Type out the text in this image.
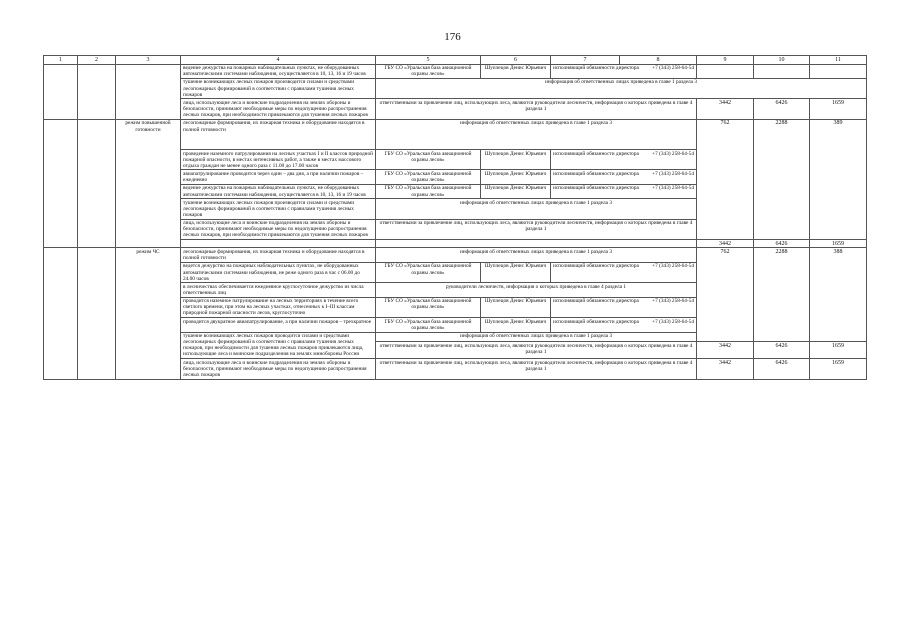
176
1	2	3	4	5	6	7	8	9	10	11
			ведение дежурства на пожарных наблюдательных пунктах, не оборудованных автоматическими системами наблюдения, осуществляется в 10, 13, 16 и 19 часов	ГБУ СО «Уральская база авиационной охраны лесов»	Шуплецов Денис Юрьевич	исполняющий обязанности директора +7 (343) 258-64-54				

			тушение возникающих лесных пожаров производится силами и средствами лесопожарных формирований в соответствии с правилами тушения лесных пожаров	информация об ответственных лицах приведена в главе 1 раздела 3						
			лица, использующие леса и воинские подразделения на землях обороны и безопасности, принимают необходимые меры по недопущению распространения лесных пожаров, при необходимости привлекаются для тушения лесных пожаров	ответственными за привлечение лиц, использующих леса, являются руководители лесничеств, информация о которых приведена в главе 4 раздела 1				3442	6426	1659
		режим повышенной готовности	лесопожарные формирования, их пожарная техника и оборудование находятся в полной готовности	информация об ответственных лицах приведена в главе 1 раздела 3				762	2288	389
			проведение наземного патрулирования на лесных участках I и II классов природной пожарной опасности, в местах интенсивных работ, а также в местах массового отдыха граждан не менее одного раза с 11.00 до 17.00 часов	ГБУ СО «Уральская база авиационной охраны лесов»	Шуплецов Денис Юрьевич	исполняющий обязанности директора +7 (343) 258-64-54				

			авиапатрулирование проводится через один – два дня, а при наличии пожаров – ежедневно	ГБУ СО «Уральская база авиационной охраны лесов»	Шуплецов Денис Юрьевич	исполняющий обязанности директора +7 (343) 258-64-54				

			ведение дежурства на пожарных наблюдательных пунктах, не оборудованных автоматическими системами наблюдения, осуществляется в 10, 13, 16 и 19 часов	ГБУ СО «Уральская база авиационной охраны лесов»	Шуплецов Денис Юрьевич	исполняющий обязанности директора +7 (343) 258-64-54				

			тушение возникающих лесных пожаров производится силами и средствами лесопожарных формирований в соответствии с правилами тушения лесных пожаров	информация об ответственных лицах приведена в главе 1 раздела 3						
			лица, использующие леса и воинские подразделения на землях обороны и безопасности, принимают необходимые меры по недопущению распространения лесных пожаров, при необходимости привлекаются для тушения лесных пожаров	ответственными за привлечение лиц, использующих леса, являются руководители лесничеств, информация о которых приведена в главе 4 раздела 1						
								3442	6426	1659
		режим ЧС	лесопожарные формирования, их пожарная техника и оборудование находятся в полной готовности	информация об ответственных лицах приведена в главе 1 раздела 3				762	2288	388
			ведется дежурство на пожарных наблюдательных пунктах, не оборудованных автоматическими системами наблюдения, не реже одного раза в час с 06.00 до 24.00 часов	ГБУ СО «Уральская база авиационной охраны лесов»	Шуплецов Денис Юрьевич	исполняющий обязанности директора +7 (343) 258-64-54				

			в лесничествах обеспечивается ежедневное круглосуточное дежурство из числа ответственных лиц	руководители лесничеств, информация о которых приведена в главе 4 раздела 1						
			проводится наземное патрулирование на лесных территориях в течение всего светлого времени, при этом на лесных участках, отнесенных к I–III классам природной пожарной опасности лесов, круглосуточно	ГБУ СО «Уральская база авиационной охраны лесов»	Шуплецов Денис Юрьевич	исполняющий обязанности директора +7 (343) 258-64-54				

			проводится двукратное авиапатрулирование, а при наличии пожаров – трехкратное	ГБУ СО «Уральская база авиационной охраны лесов»	Шуплецов Денис Юрьевич	исполняющий обязанности директора +7 (343) 258-64-54				

			тушение возникающих лесных пожаров проводится силами и средствами лесопожарных формирований в соответствии с правилами тушения лесных пожаров, при необходимости для тушения лесных пожаров привлекаются лица, использующие леса и воинские подразделения на землях минобороны России	информация об ответственных лицах приведена в главе 1 раздела 3						
				ответственными за привлечение лиц, использующих леса, являются руководители лесничеств, информация о которых приведена в главе 4 раздела 1				3442	6426	1659
			лица, использующие леса и воинские подразделения на землях обороны и безопасности, принимают необходимые меры по недопущению распространения лесных пожаров	ответственными за привлечение лиц, использующих леса, являются руководители лесничеств, информация о которых приведена в главе 4 раздела 1				3442	6426	1659
